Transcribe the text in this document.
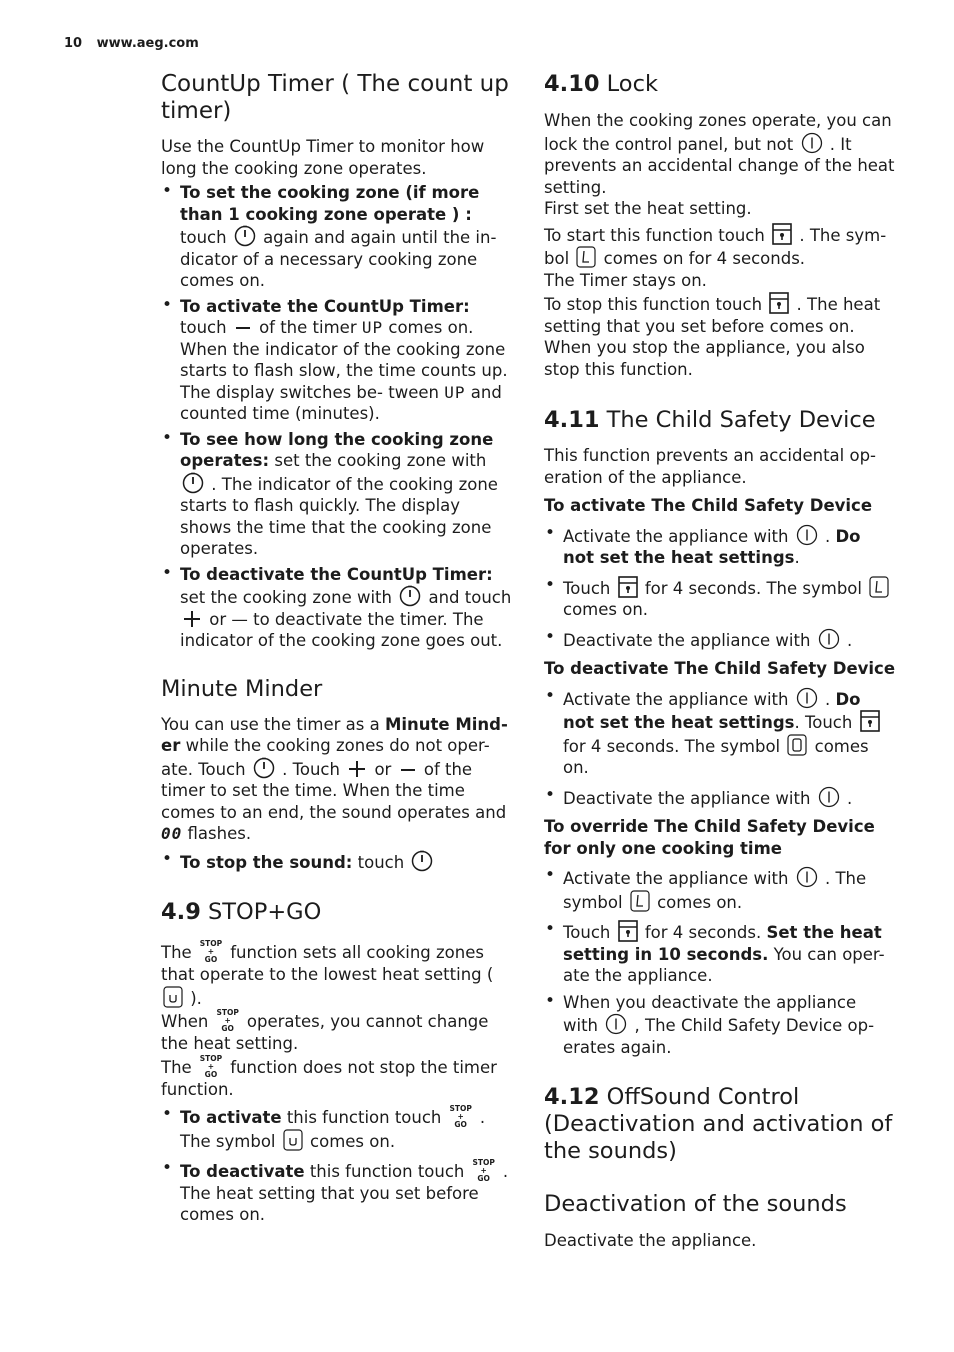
10 www.aeg.com
CountUp Timer ( The count up timer)

Use the CountUp Timer to monitor how long the cooking zone operates.

• To set the cooking zone (if more than 1 cooking zone operate ) :
touch again and again until the in- dicator of a necessary cooking zone comes on.
• To activate the CountUp Timer:
touch of the timer UP comes on. When the indicator of the cooking zone starts to flash slow, the time counts up. The display switches be- tween UP and counted time (minutes).
• To see how long the cooking zone operates: set the cooking zone with
. The indicator of the cooking zone starts to flash quickly. The display shows the time that the cooking zone operates.
• To deactivate the CountUp Timer:
set the cooking zone with and touch
or — to deactivate the timer. The indicator of the cooking zone goes out.
Minute Minder

You can use the timer as a Minute Mind- er while the cooking zones do not oper- ate. Touch . Touch or of the timer to set the time. When the time comes to an end, the sound operates and 00 flashes.

• To stop the sound: touch
4.9 STOP+GO

The STOP
+
GO function sets all cooking zones that operate to the lowest heat setting (
).

When STOP
+
GO operates, you cannot change the heat setting.

The STOP
+
GO function does not stop the timer function.

• To activate this function touch STOP
+
GO . The symbol comes on.
• To deactivate this function touch STOP
+
GO . The heat setting that you set before comes on.
4.10 Lock

When the cooking zones operate, you can lock the control panel, but not . It prevents an accidental change of the heat setting.

First set the heat setting.

To start this function touch . The sym- bol comes on for 4 seconds.

The Timer stays on.

To stop this function touch . The heat setting that you set before comes on.

When you stop the appliance, you also stop this function.

4.11 The Child Safety Device

This function prevents an accidental op- eration of the appliance.

To activate The Child Safety Device

• Activate the appliance with . Do not set the heat settings.
• Touch for 4 seconds. The symbol
comes on.
• Deactivate the appliance with .

To deactivate The Child Safety Device

• Activate the appliance with . Do not set the heat settings. Touch
for 4 seconds. The symbol comes on.
• Deactivate the appliance with .

To override The Child Safety Device for only one cooking time

• Activate the appliance with . The symbol comes on.
• Touch for 4 seconds. Set the heat setting in 10 seconds. You can oper- ate the appliance.
• When you deactivate the appliance with , The Child Safety Device op- erates again.
4.12 OffSound Control (Deactivation and activation of the sounds)
Deactivation of the sounds

Deactivate the appliance.
